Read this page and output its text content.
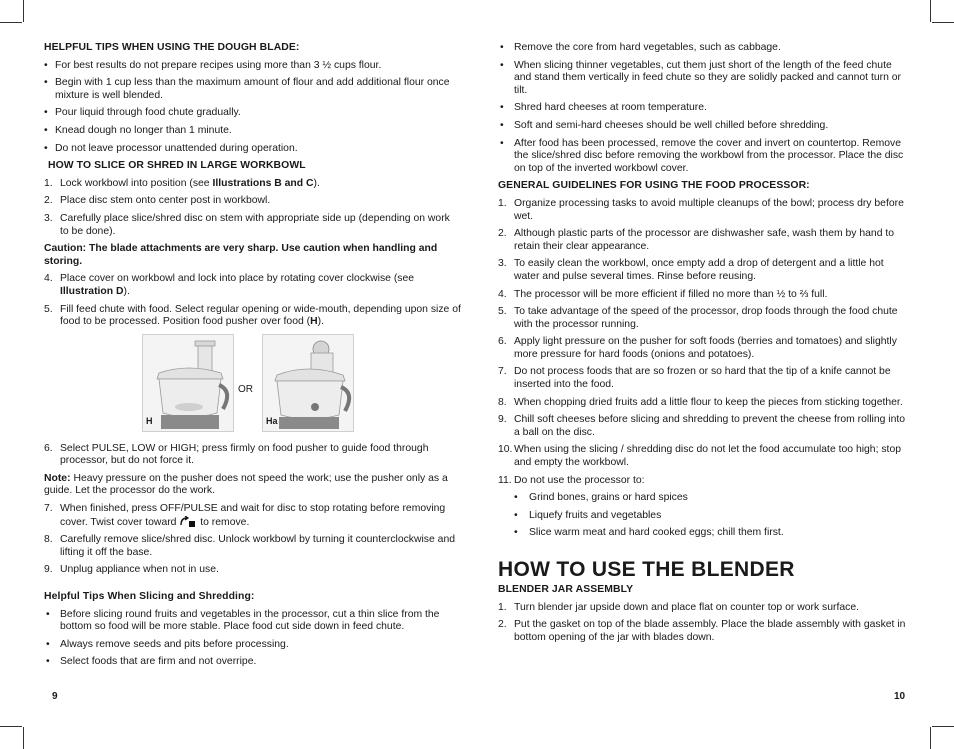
HELPFUL TIPS WHEN USING THE DOUGH BLADE:
• For best results do not prepare recipes using more than 3 ½ cups flour.
• Begin with 1 cup less than the maximum amount of flour and add additional flour once mixture is well blended.
• Pour liquid through food chute gradually.
• Knead dough no longer than 1 minute.
• Do not leave processor unattended during operation.
HOW TO SLICE OR SHRED IN LARGE WORKBOWL
1. Lock workbowl into position (see Illustrations B and C).
2. Place disc stem onto center post in workbowl.
3. Carefully place slice/shred disc on stem with appropriate side up (depending on work to be done).
Caution: The blade attachments are very sharp. Use caution when handling and storing.
4. Place cover on workbowl and lock into place by rotating cover clockwise (see Illustration D).
5. Fill feed chute with food. Select regular opening or wide-mouth, depending upon size of food to be processed. Position food pusher over food (H).
H
OR
Ha
6. Select PULSE, LOW or HIGH; press firmly on food pusher to guide food through processor, but do not force it.
Note: Heavy pressure on the pusher does not speed the work; use the pusher only as a guide. Let the processor do the work.
7. When finished, press OFF/PULSE and wait for disc to stop rotating before removing cover. Twist cover toward  to remove.
8. Carefully remove slice/shred disc. Unlock workbowl by turning it counterclockwise and lifting it off the base.
9. Unplug appliance when not in use.
Helpful Tips When Slicing and Shredding:
• Before slicing round fruits and vegetables in the processor, cut a thin slice from the bottom so food will be more stable. Place food cut side down in feed chute.
• Always remove seeds and pits before processing.
• Select foods that are firm and not overripe.
9
• Remove the core from hard vegetables, such as cabbage.
• When slicing thinner vegetables, cut them just short of the length of the feed chute and stand them vertically in feed chute so they are solidly packed and cannot turn or tilt.
• Shred hard cheeses at room temperature.
• Soft and semi-hard cheeses should be well chilled before shredding.
• After food has been processed, remove the cover and invert on countertop. Remove the slice/shred disc before removing the workbowl from the processor. Place the disc on top of the inverted workbowl cover.
GENERAL GUIDELINES FOR USING THE FOOD PROCESSOR:
1. Organize processing tasks to avoid multiple cleanups of the bowl; process dry before wet.
2. Although plastic parts of the processor are dishwasher safe, wash them by hand to retain their clear appearance.
3. To easily clean the workbowl, once empty add a drop of detergent and a little hot water and pulse several times. Rinse before reusing.
4. The processor will be more efficient if filled no more than ½ to ⅔ full.
5. To take advantage of the speed of the processor, drop foods through the food chute with the processor running.
6. Apply light pressure on the pusher for soft foods (berries and tomatoes) and slightly more pressure for hard foods (onions and potatoes).
7. Do not process foods that are so frozen or so hard that the tip of a knife cannot be inserted into the food.
8. When chopping dried fruits add a little flour to keep the pieces from sticking together.
9. Chill soft cheeses before slicing and shredding to prevent the cheese from rolling into a ball on the disc.
10. When using the slicing / shredding disc do not let the food accumulate too high; stop and empty the workbowl.
11. Do not use the processor to:
• Grind bones, grains or hard spices
• Liquefy fruits and vegetables
• Slice warm meat and hard cooked eggs; chill them first.
HOW TO USE THE BLENDER
BLENDER JAR ASSEMBLY
1. Turn blender jar upside down and place flat on counter top or work surface.
2. Put the gasket on top of the blade assembly. Place the blade assembly with gasket in bottom opening of the jar with blades down.
10
